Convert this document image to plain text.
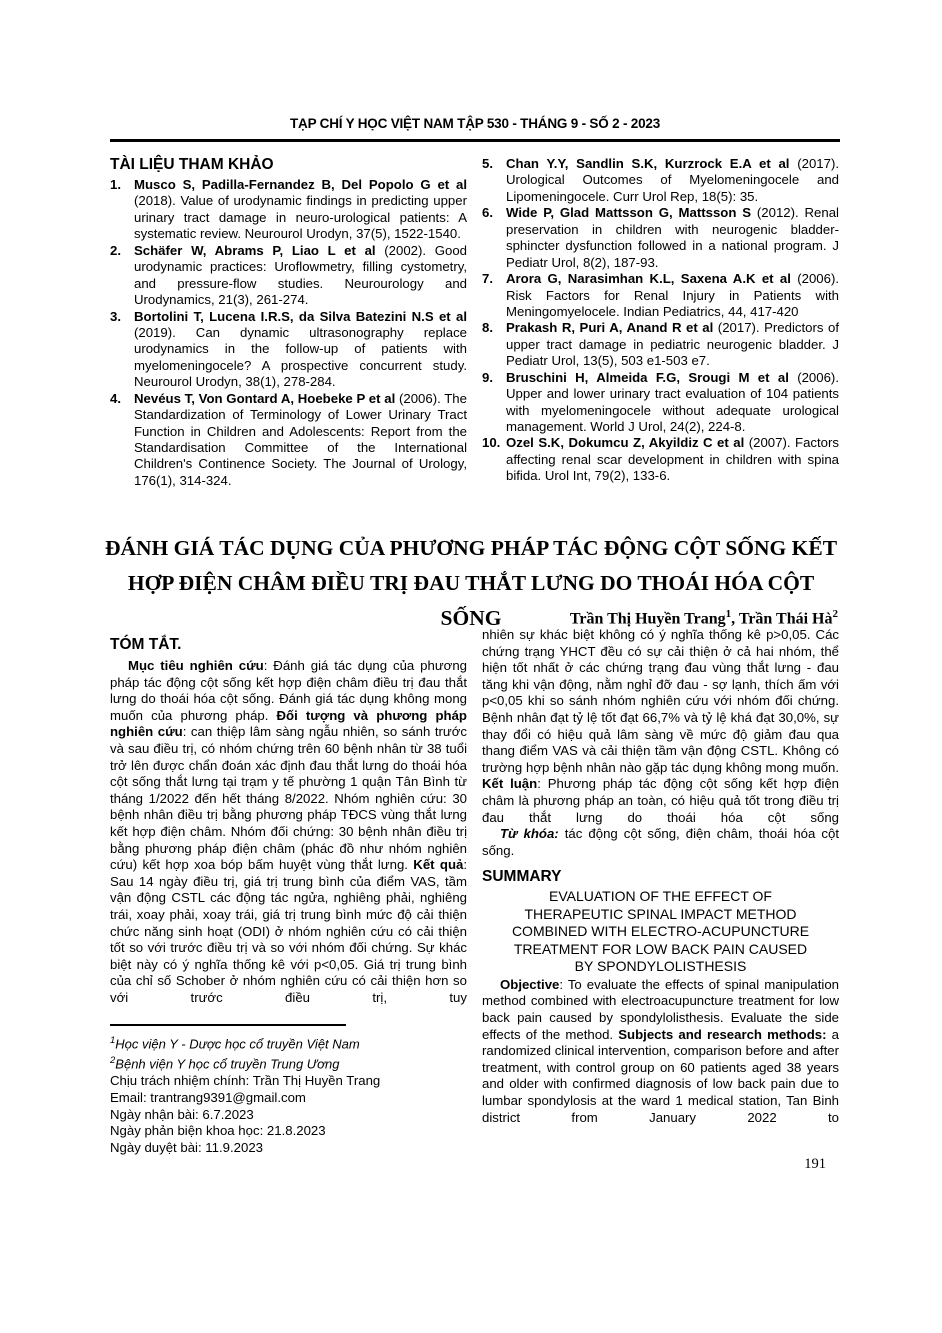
TẠP CHÍ Y HỌC VIỆT NAM TẬP 530 - THÁNG 9 - SỐ 2 - 2023

TÀI LIỆU THAM KHẢO

1. Musco S, Padilla-Fernandez B, Del Popolo G et al (2018). Value of urodynamic findings in predicting upper urinary tract damage in neuro-urological patients: A systematic review. Neurourol Urodyn, 37(5), 1522-1540.
2. Schäfer W, Abrams P, Liao L et al (2002). Good urodynamic practices: Uroflowmetry, filling cystometry, and pressure-flow studies. Neurourology and Urodynamics, 21(3), 261-274.
3. Bortolini T, Lucena I.R.S, da Silva Batezini N.S et al (2019). Can dynamic ultrasonography replace urodynamics in the follow-up of patients with myelomeningocele? A prospective concurrent study. Neurourol Urodyn, 38(1), 278-284.
4. Nevéus T, Von Gontard A, Hoebeke P et al (2006). The Standardization of Terminology of Lower Urinary Tract Function in Children and Adolescents: Report from the Standardisation Committee of the International Children's Continence Society. The Journal of Urology, 176(1), 314-324.
5. Chan Y.Y, Sandlin S.K, Kurzrock E.A et al (2017). Urological Outcomes of Myelomeningocele and Lipomeningocele. Curr Urol Rep, 18(5): 35.
6. Wide P, Glad Mattsson G, Mattsson S (2012). Renal preservation in children with neurogenic bladder-sphincter dysfunction followed in a national program. J Pediatr Urol, 8(2), 187-93.
7. Arora G, Narasimhan K.L, Saxena A.K et al (2006). Risk Factors for Renal Injury in Patients with Meningomyelocele. Indian Pediatrics, 44, 417-420
8. Prakash R, Puri A, Anand R et al (2017). Predictors of upper tract damage in pediatric neurogenic bladder. J Pediatr Urol, 13(5), 503 e1-503 e7.
9. Bruschini H, Almeida F.G, Srougi M et al (2006). Upper and lower urinary tract evaluation of 104 patients with myelomeningocele without adequate urological management. World J Urol, 24(2), 224-8.
10. Ozel S.K, Dokumcu Z, Akyildiz C et al (2007). Factors affecting renal scar development in children with spina bifida. Urol Int, 79(2), 133-6.
ĐÁNH GIÁ TÁC DỤNG CỦA PHƯƠNG PHÁP TÁC ĐỘNG CỘT SỐNG KẾT
HỢP ĐIỆN CHÂM ĐIỀU TRỊ ĐAU THẮT LƯNG DO THOÁI HÓA CỘT SỐNG	Trần Thị Huyền Trang$^1$, Trần Thái $Hà^2$

TÓM TẮT.

Mục tiêu nghiên cứu: Đánh giá tác dụng của phương pháp tác động cột sống kết hợp điện châm điều trị đau thắt lưng do thoái hóa cột sống. Đánh giá tác dụng không mong muốn của phương pháp. Đối tượng và phương pháp nghiên cứu: can thiệp lâm sàng ngẫu nhiên, so sánh trước và sau điều trị, có nhóm chứng trên 60 bệnh nhân từ 38 tuổi trở lên được chẩn đoán xác định đau thắt lưng do thoái hóa cột sống thắt lưng tại trạm y tế phường 1 quận Tân Bình từ tháng 1/2022 đến hết tháng 8/2022. Nhóm nghiên cứu: 30 bệnh nhân điều trị bằng phương pháp TĐCS vùng thắt lưng kết hợp điện châm. Nhóm đối chứng: 30 bệnh nhân điều trị bằng phương pháp điện châm (phác đồ như nhóm nghiên cứu) kết hợp xoa bóp bấm huyệt vùng thắt lưng. Kết quả: Sau 14 ngày điều trị, giá trị trung bình của điểm VAS, tầm vận động CSTL các động tác ngửa, nghiêng phải, nghiêng trái, xoay phải, xoay trái, giá trị trung bình mức độ cải thiện chức năng sinh hoạt (ODI) ở nhóm nghiên cứu có cải thiện tốt so với trước điều trị và so với nhóm đối chứng. Sự khác biệt này có ý nghĩa thống kê với p<0,05. Giá trị trung bình của chỉ số Schober ở nhóm nghiên cứu có cải thiện hơn so với trước điều trị, tuy

$^1$Học viện Y - Dược học cổ truyền Việt Nam
$^2$Bệnh viện Y học cổ truyền Trung Ương
Chịu trách nhiệm chính: Trần Thị Huyền Trang
Email: trantrang9391@gmail.com
Ngày nhận bài: 6.7.2023
Ngày phản biện khoa học: 21.8.2023
Ngày duyệt bài: 11.9.2023

nhiên sự khác biệt không có ý nghĩa thống kê p>0,05. Các chứng trạng YHCT đều có sự cải thiện ở cả hai nhóm, thể hiện tốt nhất ở các chứng trạng đau vùng thắt lưng - đau tăng khi vận động, nằm nghỉ đỡ đau - sợ lạnh, thích ấm với p<0,05 khi so sánh nhóm nghiên cứu với nhóm đối chứng. Bệnh nhân đạt tỷ lệ tốt đạt 66,7% và tỷ lệ khá đạt 30,0%, sự thay đổi có hiệu quả lâm sàng về mức độ giảm đau qua thang điểm VAS và cải thiện tầm vận động CSTL. Không có trường hợp bệnh nhân nào gặp tác dụng không mong muốn. Kết luận: Phương pháp tác động cột sống kết hợp điện châm là phương pháp an toàn, có hiệu quả tốt trong điều trị đau thắt lưng do thoái hóa cột sống

Từ khóa: tác động cột sống, điện châm, thoái hóa cột sống.

SUMMARY

EVALUATION OF THE EFFECT OF
THERAPEUTIC SPINAL IMPACT METHOD
COMBINED WITH ELECTRO-ACUPUNCTURE
TREATMENT FOR LOW BACK PAIN CAUSED
BY SPONDYLOLISTHESIS

Objective: To evaluate the effects of spinal manipulation method combined with electroacupuncture treatment for low back pain caused by spondylolisthesis. Evaluate the side effects of the method. Subjects and research methods: a randomized clinical intervention, comparison before and after treatment, with control group on 60 patients aged 38 years and older with confirmed diagnosis of low back pain due to lumbar spondylosis at the ward 1 medical station, Tan Binh district from January 2022 to

191
